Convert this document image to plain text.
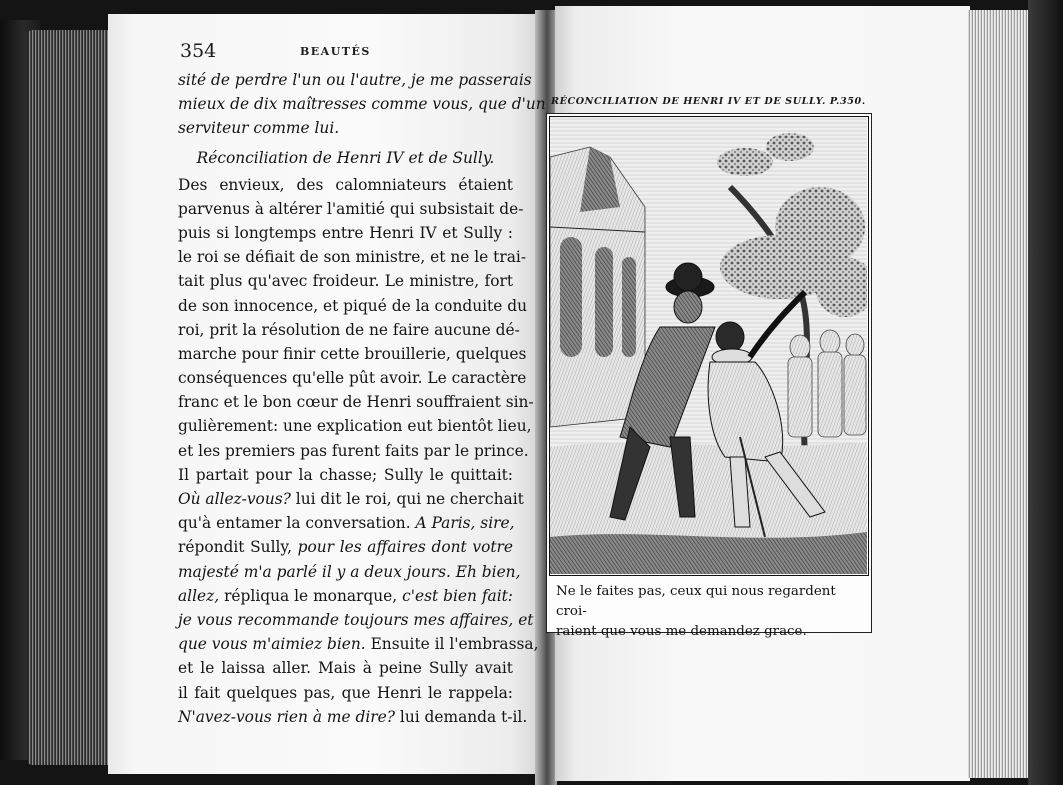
354	BEAUTÉS
sité de perdre l'un ou l'autre, je me passerais
mieux de dix maîtresses comme vous, que d'un
serviteur comme lui.
Réconciliation de Henri IV et de Sully.
Des envieux, des calomniateurs étaient
parvenus à altérer l'amitié qui subsistait de-
puis si longtemps entre Henri IV et Sully :
le roi se défiait de son ministre, et ne le trai-
tait plus qu'avec froideur. Le ministre, fort
de son innocence, et piqué de la conduite du
roi, prit la résolution de ne faire aucune dé-
marche pour finir cette brouillerie, quelques
conséquences qu'elle pût avoir. Le caractère
franc et le bon cœur de Henri souffraient sin-
gulièrement: une explication eut bientôt lieu,
et les premiers pas furent faits par le prince.
Il partait pour la chasse; Sully le quittait:
Où allez-vous? lui dit le roi, qui ne cherchait
qu'à entamer la conversation. A Paris, sire,
répondit Sully, pour les affaires dont votre
majesté m'a parlé il y a deux jours. Eh bien,
allez, répliqua le monarque, c'est bien fait:
je vous recommande toujours mes affaires, et
que vous m'aimiez bien. Ensuite il l'embrassa,
et le laissa aller. Mais à peine Sully avait
il fait quelques pas, que Henri le rappela:
N'avez-vous rien à me dire? lui demanda t-il.
RÉCONCILIATION DE HENRI IV ET DE SULLY. P.350.
Ne le faites pas, ceux qui nous regardent croi-
raient que vous me demandez grace.
